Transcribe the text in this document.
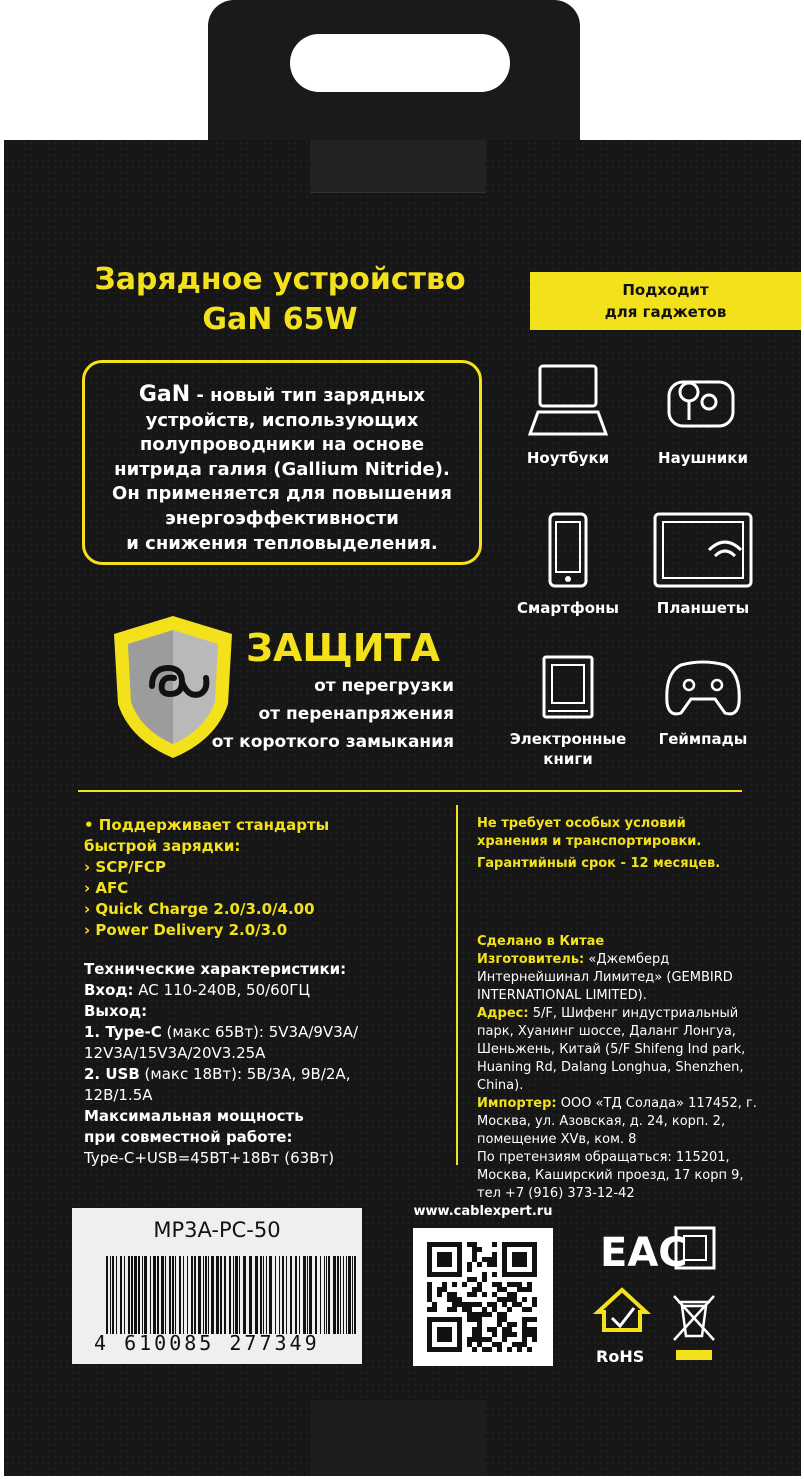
Зарядное устройство
GaN 65W
GaN - новый тип зарядных
устройств, использующих
полупроводники на основе
нитрида галия (Gallium Nitride).
Он применяется для повышения
энергоэффективности
и снижения тепловыделения.
ЗАЩИТА
от перегрузки
от перенапряжения
от короткого замыкания
Подходит
для гаджетов
Ноутбуки	Наушники
Смартфоны	Планшеты
Электронные
книги
Геймпады
• Поддерживает стандарты
быстрой зарядки:
› SCP/FCP
› AFC
› Quick Charge 2.0/3.0/4.00
› Power Delivery 2.0/3.0
Технические характеристики:
Вход: AC 110-240В, 50/60ГЦ
Выход:
1. Type-C (макс 65Вт): 5V3A/9V3A/
12V3A/15V3A/20V3.25A
2. USB (макс 18Вт): 5В/3А, 9В/2А,
12В/1.5А
Максимальная мощность
при совместной работе:
Type-C+USB=45ВТ+18Вт (63Вт)
Не требует особых условий
хранения и транспортировки.
Гарантийный срок - 12 месяцев.
Сделано в Китае
Изготовитель: «Джемберд Интернейшинал Лимитед» (GEMBIRD INTERNATIONAL LIMITED).
Адрес: 5/F, Шифенг индустриальный парк, Хуанинг шоссе, Даланг Лонгуа, Шеньжень, Китай (5/F Shifeng Ind park, Huaning Rd, Dalang Longhua, Shenzhen, China).
Импортер: ООО «ТД Солада» 117452, г. Москва, ул. Азовская, д. 24, корп. 2, помещение XVв, ком. 8
По претензиям обращаться: 115201, Москва, Каширский проезд, 17 корп 9, тел +7 (916) 373-12-42
MP3A-PC-50
4 610085 277349
www.cablexpert.ru
EAC
RoHS
